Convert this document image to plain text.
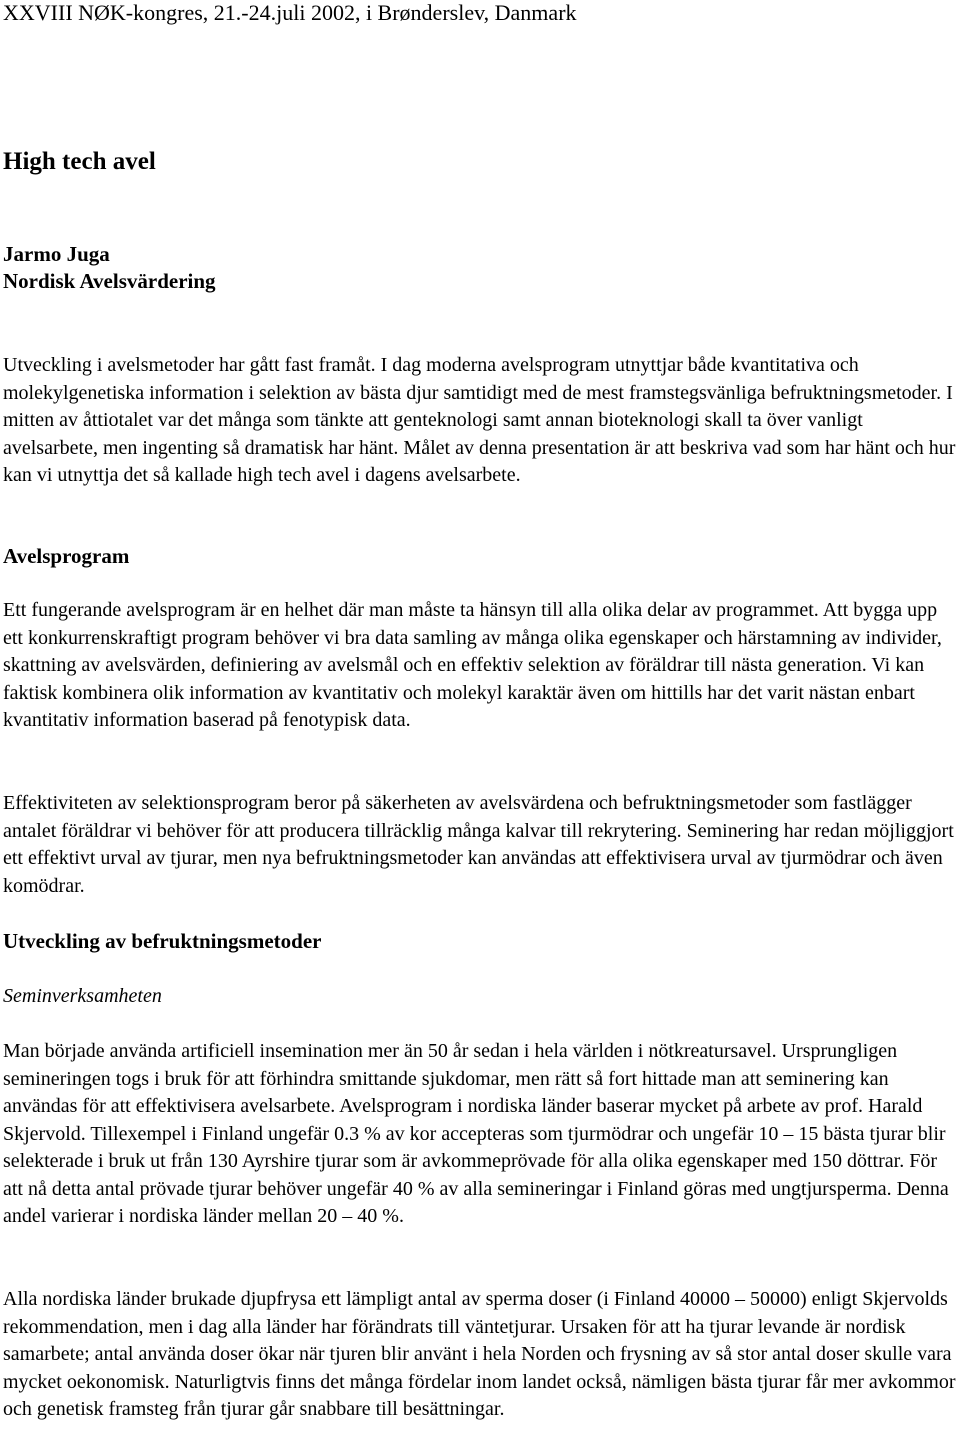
XXVIII NØK-kongres, 21.-24.juli 2002, i Brønderslev, Danmark
High tech avel
Jarmo Juga
Nordisk Avelsvärdering

Utveckling i avelsmetoder har gått fast framåt. I dag moderna avelsprogram utnyttjar både kvantitativa och molekylgenetiska information i selektion av bästa djur samtidigt med de mest framstegsvänliga befruktningsmetoder. I mitten av åttiotalet var det många som tänkte att genteknologi samt annan bioteknologi skall ta över vanligt avelsarbete, men ingenting så dramatisk har hänt. Målet av denna presentation är att beskriva vad som har hänt och hur kan vi utnyttja det så kallade high tech avel i dagens avelsarbete.

Avelsprogram

Ett fungerande avelsprogram är en helhet där man måste ta hänsyn till alla olika delar av programmet. Att bygga upp ett konkurrenskraftigt program behöver vi bra data samling av många olika egenskaper och härstamning av individer, skattning av avelsvärden, definiering av avelsmål och en effektiv selektion av föräldrar till nästa generation. Vi kan faktisk kombinera olik information av kvantitativ och molekyl karaktär även om hittills har det varit nästan enbart kvantitativ information baserad på fenotypisk data.

Effektiviteten av selektionsprogram beror på säkerheten av avelsvärdena och befruktningsmetoder som fastlägger antalet föräldrar vi behöver för att producera tillräcklig många kalvar till rekrytering. Seminering har redan möjliggjort ett effektivt urval av tjurar, men nya befruktningsmetoder kan användas att effektivisera urval av tjurmödrar och även komödrar.

Utveckling av befruktningsmetoder
Seminverksamheten

Man började använda artificiell insemination mer än 50 år sedan i hela världen i nötkreatursavel. Ursprungligen semineringen togs i bruk för att förhindra smittande sjukdomar, men rätt så fort hittade man att seminering kan användas för att effektivisera avelsarbete. Avelsprogram i nordiska länder baserar mycket på arbete av prof. Harald Skjervold. Tillexempel i Finland ungefär 0.3 % av kor accepteras som tjurmödrar och ungefär 10 – 15 bästa tjurar blir selekterade i bruk ut från 130 Ayrshire tjurar som är avkommeprövade för alla olika egenskaper med 150 döttrar. För att nå detta antal prövade tjurar behöver ungefär 40 % av alla semineringar i Finland göras med ungtjursperma. Denna andel varierar i nordiska länder mellan 20 – 40 %.

Alla nordiska länder brukade djupfrysa ett lämpligt antal av sperma doser (i Finland 40000 – 50000) enligt Skjervolds rekommendation, men i dag alla länder har förändrats till väntetjurar. Ursaken för att ha tjurar levande är nordisk samarbete; antal använda doser ökar när tjuren blir använt i hela Norden och frysning av så stor antal doser skulle vara mycket oekonomisk. Naturligtvis finns det många fördelar inom landet också, nämligen bästa tjurar får mer avkommor och genetisk framsteg från tjurar går snabbare till besättningar.
